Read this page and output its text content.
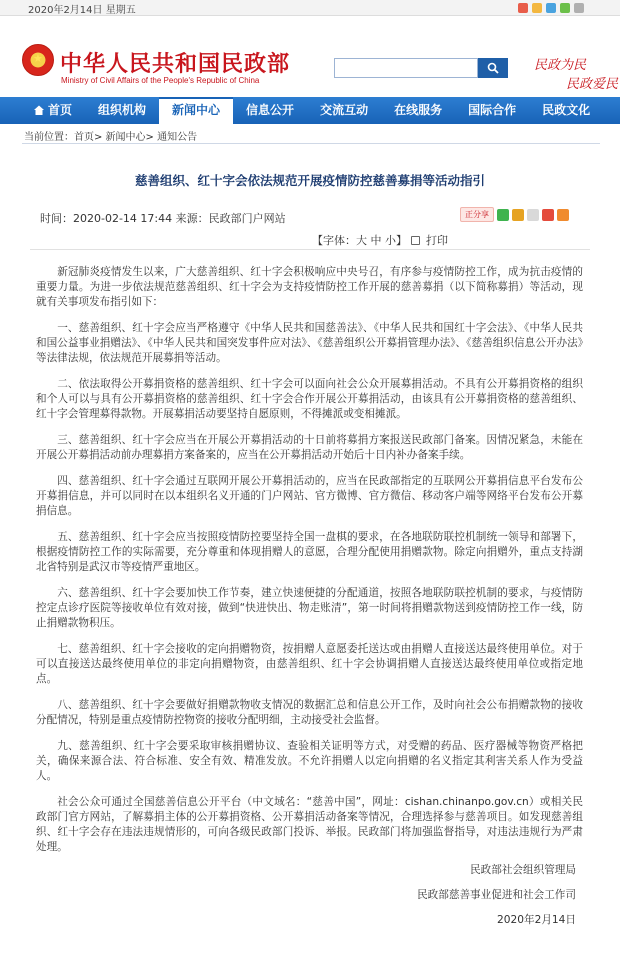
2020年2月14日 星期五
★ 中华人民共和国民政部
Ministry of Civil Affairs of the People's Republic of China
民政为民
民政爱民
首页	组织机构	新闻中心	信息公开	交流互动	在线服务	国际合作	民政文化
当前位置：首页> 新闻中心> 通知公告
慈善组织、红十字会依法规范开展疫情防控慈善募捐等活动指引
时间：2020-02-14 17:44 来源：民政部门户网站	正分享
【字体：大 中 小】 打印

新冠肺炎疫情发生以来，广大慈善组织、红十字会积极响应中央号召，有序参与疫情防控工作，成为抗击疫情的重要力量。为进一步依法规范慈善组织、红十字会为支持疫情防控工作开展的慈善募捐（以下简称募捐）等活动，现就有关事项发布指引如下：

一、慈善组织、红十字会应当严格遵守《中华人民共和国慈善法》、《中华人民共和国红十字会法》、《中华人民共和国公益事业捐赠法》、《中华人民共和国突发事件应对法》、《慈善组织公开募捐管理办法》、《慈善组织信息公开办法》等法律法规，依法规范开展募捐等活动。

二、依法取得公开募捐资格的慈善组织、红十字会可以面向社会公众开展募捐活动。不具有公开募捐资格的组织和个人可以与具有公开募捐资格的慈善组织、红十字会合作开展公开募捐活动，由该具有公开募捐资格的慈善组织、红十字会管理募得款物。开展募捐活动要坚持自愿原则，不得摊派或变相摊派。

三、慈善组织、红十字会应当在开展公开募捐活动的十日前将募捐方案报送民政部门备案。因情况紧急，未能在开展公开募捐活动前办理募捐方案备案的，应当在公开募捐活动开始后十日内补办备案手续。

四、慈善组织、红十字会通过互联网开展公开募捐活动的，应当在民政部指定的互联网公开募捐信息平台发布公开募捐信息，并可以同时在以本组织名义开通的门户网站、官方微博、官方微信、移动客户端等网络平台发布公开募捐信息。

五、慈善组织、红十字会应当按照疫情防控要坚持全国一盘棋的要求，在各地联防联控机制统一领导和部署下，根据疫情防控工作的实际需要，充分尊重和体现捐赠人的意愿，合理分配使用捐赠款物。除定向捐赠外，重点支持湖北省特别是武汉市等疫情严重地区。

六、慈善组织、红十字会要加快工作节奏，建立快速便捷的分配通道，按照各地联防联控机制的要求，与疫情防控定点诊疗医院等接收单位有效对接，做到“快进快出、物走账清”，第一时间将捐赠款物送到疫情防控工作一线，防止捐赠款物积压。

七、慈善组织、红十字会接收的定向捐赠物资，按捐赠人意愿委托送达或由捐赠人直接送达最终使用单位。对于可以直接送达最终使用单位的非定向捐赠物资，由慈善组织、红十字会协调捐赠人直接送达最终使用单位或指定地点。

八、慈善组织、红十字会要做好捐赠款物收支情况的数据汇总和信息公开工作，及时向社会公布捐赠款物的接收分配情况，特别是重点疫情防控物资的接收分配明细，主动接受社会监督。

九、慈善组织、红十字会要采取审核捐赠协议、查验相关证明等方式，对受赠的药品、医疗器械等物资严格把关，确保来源合法、符合标准、安全有效、精准发放。不允许捐赠人以定向捐赠的名义指定其利害关系人作为受益人。

社会公众可通过全国慈善信息公开平台（中文域名：“慈善中国”，网址：cishan.chinanpo.gov.cn）或相关民政部门官方网站，了解募捐主体的公开募捐资格、公开募捐活动备案等情况，合理选择参与慈善项目。如发现慈善组织、红十字会存在违法违规情形的，可向各级民政部门投诉、举报。民政部门将加强监督指导，对违法违规行为严肃处理。

民政部社会组织管理局
民政部慈善事业促进和社会工作司
2020年2月14日
